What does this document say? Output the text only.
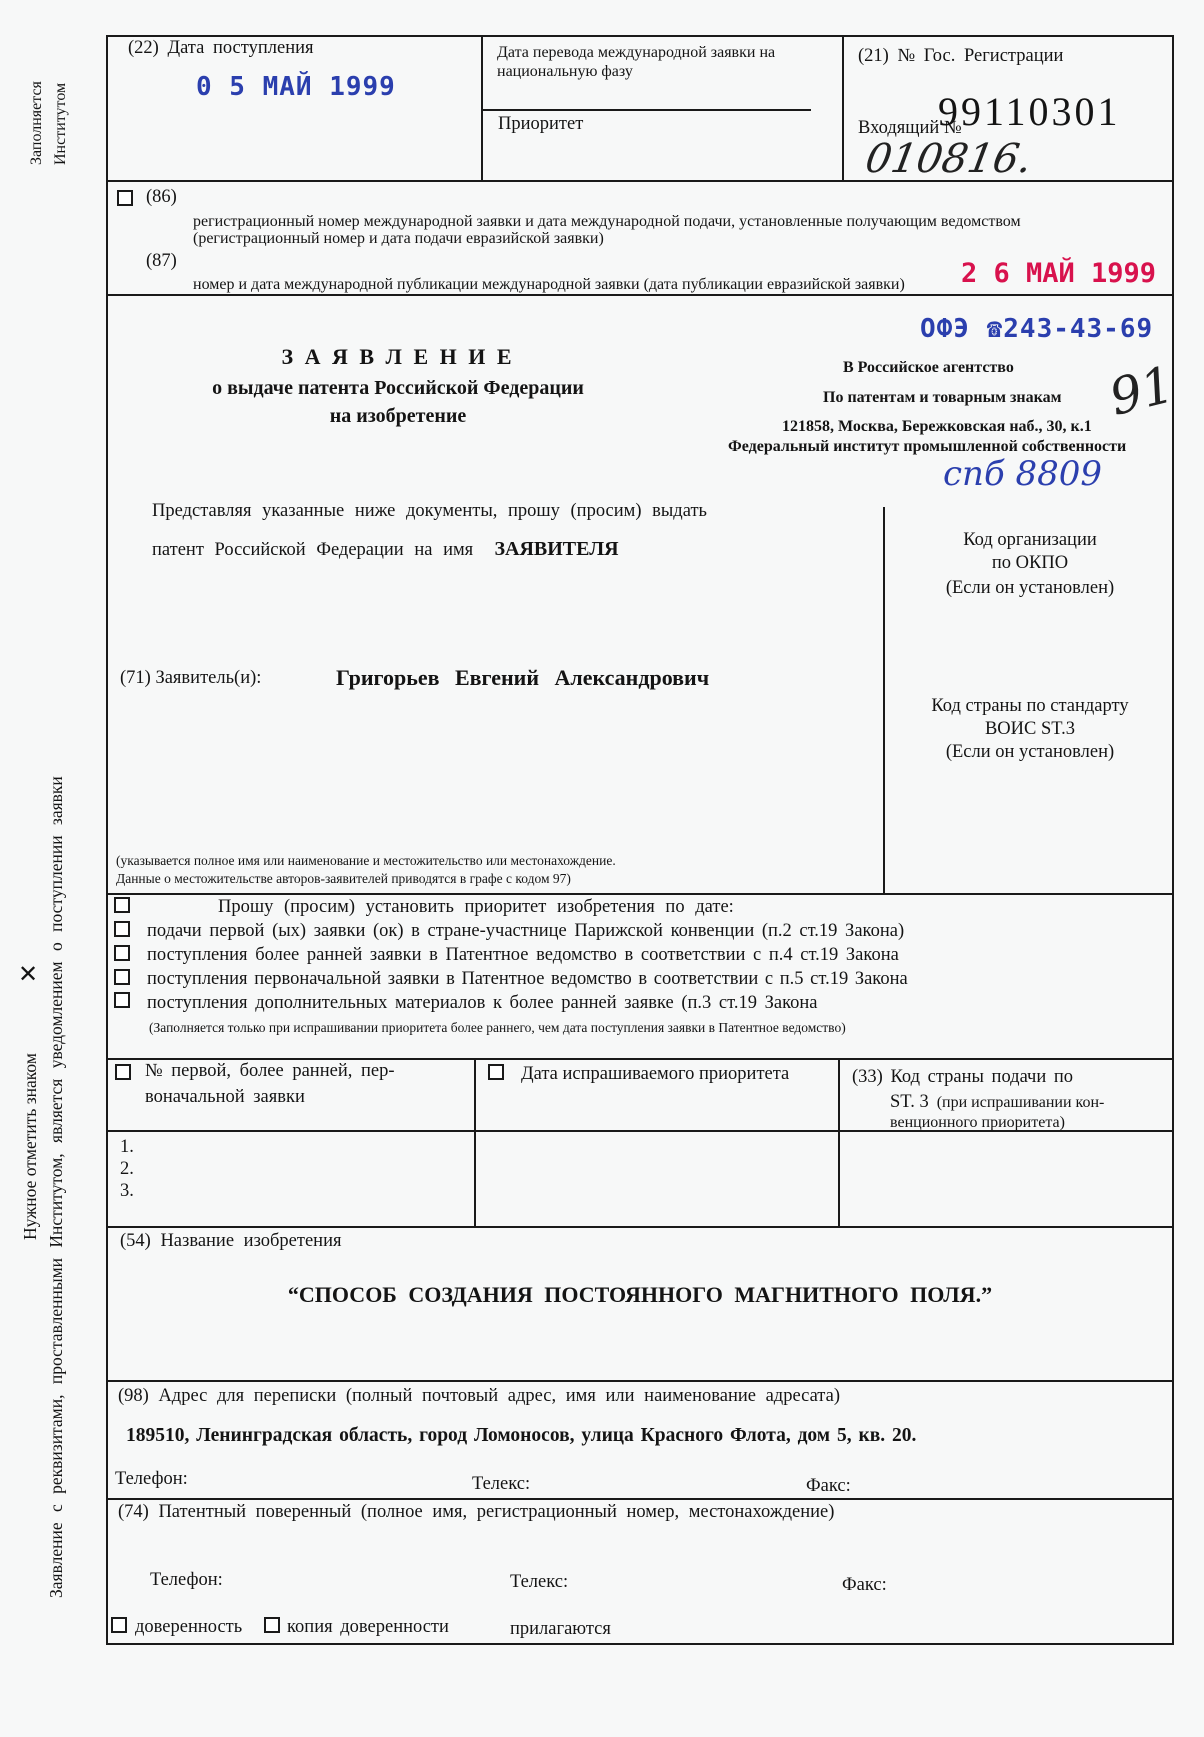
Заполняется Институтом
Нужное отметить знаком
✕ Заявление с реквизитами, проставленными Институтом, является уведомлением о поступлении заявки
(22) Дата поступления
0 5 МАЙ 1999
Дата перевода международной заявки на национальную фазу
Приоритет
(21) № Гос. Регистрации
99110301
Входящий №
010816.
(86)
регистрационный номер международной заявки и дата международной подачи, установленные получающим ведомством
(регистрационный номер и дата подачи евразийской заявки)
(87)
номер и дата международной публикации международной заявки (дата публикации евразийской заявки) 2 6 МАЙ 1999
З А Я В Л Е Н И Е
о выдаче патента Российской Федерации
на изобретение
ОФЭ ☎243-43-69
В Российское агентство
По патентам и товарным знакам
121858, Москва, Бережковская наб., 30, к.1
Федеральный институт промышленной собственности
спб 8809
91
Представляя указанные ниже документы, прошу (просим) выдать
патент Российской Федерации на имя ЗАЯВИТЕЛЯ
(71) Заявитель(и):	Григорьев Евгений Александрович
(указывается полное имя или наименование и местожительство или местонахождение.
Данные о местожительстве авторов-заявителей приводятся в графе с кодом 97)
Код организации
по ОКПО
(Если он установлен)
Код страны по стандарту
ВОИС ST.3
(Если он установлен)
Прошу (просим) установить приоритет изобретения по дате:
подачи первой (ых) заявки (ок) в стране-участнице Парижской конвенции (п.2 ст.19 Закона)
поступления более ранней заявки в Патентное ведомство в соответствии с п.4 ст.19 Закона
поступления первоначальной заявки в Патентное ведомство в соответствии с п.5 ст.19 Закона
поступления дополнительных материалов к более ранней заявке (п.3 ст.19 Закона
(Заполняется только при испрашивании приоритета более раннего, чем дата поступления заявки в Патентное ведомство)
№ первой, более ранней, пер-
воначальной заявки
Дата испрашиваемого приоритета	(33) Код страны подачи по
ST. 3 (при испрашивании кон-
венционного приоритета)
1.
2.
3.
(54) Название изобретения
“СПОСОБ СОЗДАНИЯ ПОСТОЯННОГО МАГНИТНОГО ПОЛЯ.”
(98) Адрес для переписки (полный почтовый адрес, имя или наименование адресата)
189510, Ленинградская область, город Ломоносов, улица Красного Флота, дом 5, кв. 20.
Телефон:	Телекс:	Факс:
(74) Патентный поверенный (полное имя, регистрационный номер, местонахождение)
Телефон:	Телекс:	Факс:
доверенность копия доверенности	прилагаются
